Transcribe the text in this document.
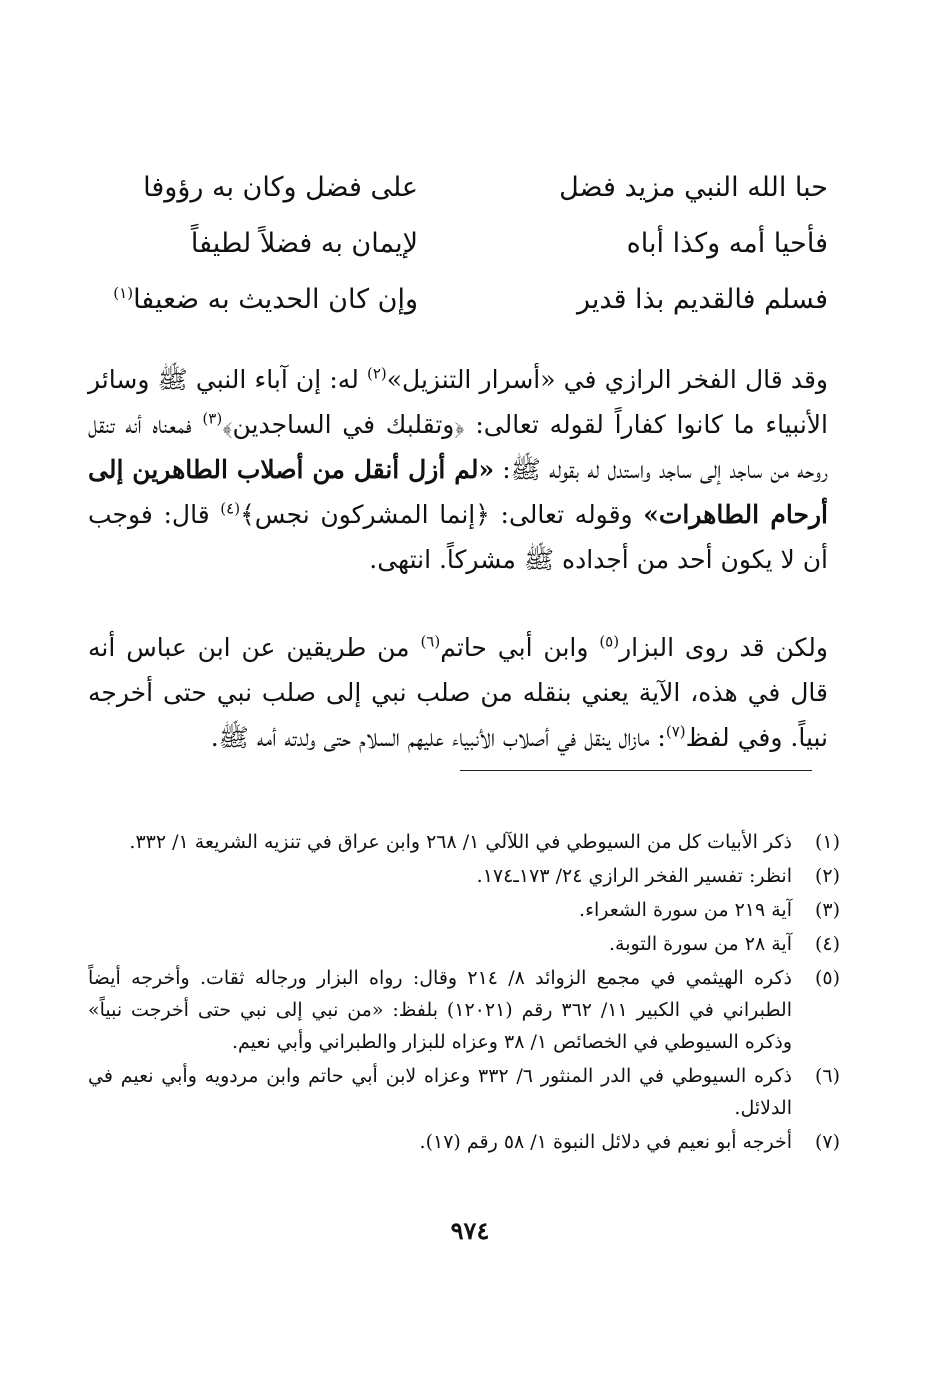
حبا الله النبي مزيد فضل
على فضل وكان به رؤوفا
فأحيا أمه وكذا أباه
لإيمان به فضلاً لطيفاً
فسلم فالقديم بذا قدير
وإن كان الحديث به ضعيفا$^{(١)}$

وقد قال الفخر الرازي في «أسرار التنزيل»$^{(٢)}$ له: إن آباء النبي ﷺ وسائر الأنبياء ما كانوا كفاراً لقوله تعالى: ﴿وتقلبك في الساجدين﴾$^{(٣)}$ فمعناه أنه تنقل روحه من ساجد إلى ساجد واستدل له بقوله ﷺ: «لم أزل أنقل من أصلاب الطاهرين إلى أرحام الطاهرات» وقوله تعالى: ﴿إنما المشركون نجس﴾$^{(٤)}$ قال: فوجب أن لا يكون أحد من أجداده ﷺ مشركاً. انتهى.

ولكن قد روى البزار$^{(٥)}$ وابن أبي حاتم$^{(٦)}$ من طريقين عن ابن عباس أنه قال في هذه، الآية يعني بنقله من صلب نبي إلى صلب نبي حتى أخرجه نبياً. وفي لفظ$^{(٧)}$: مازال ينقل في أصلاب الأنبياء عليهم السلام حتى ولدته أمه ﷺ.

(١)
ذكر الأبيات كل من السيوطي في اللآلي ١/ ٢٦٨ وابن عراق في تنزيه الشريعة ١/ ٣٣٢.
(٢)
انظر: تفسير الفخر الرازي ٢٤/ ١٧٣ـ١٧٤.
(٣)
آية ٢١٩ من سورة الشعراء.
(٤)
آية ٢٨ من سورة التوبة.
(٥)
ذكره الهيثمي في مجمع الزوائد ٨/ ٢١٤ وقال: رواه البزار ورجاله ثقات. وأخرجه أيضاً الطبراني في الكبير ١١/ ٣٦٢ رقم (١٢٠٢١) بلفظ: «من نبي إلى نبي حتى أخرجت نبياً» وذكره السيوطي في الخصائص ١/ ٣٨ وعزاه للبزار والطبراني وأبي نعيم.
(٦)
ذكره السيوطي في الدر المنثور ٦/ ٣٣٢ وعزاه لابن أبي حاتم وابن مردويه وأبي نعيم في الدلائل.
(٧)
أخرجه أبو نعيم في دلائل النبوة ١/ ٥٨ رقم (١٧).
٩٧٤
